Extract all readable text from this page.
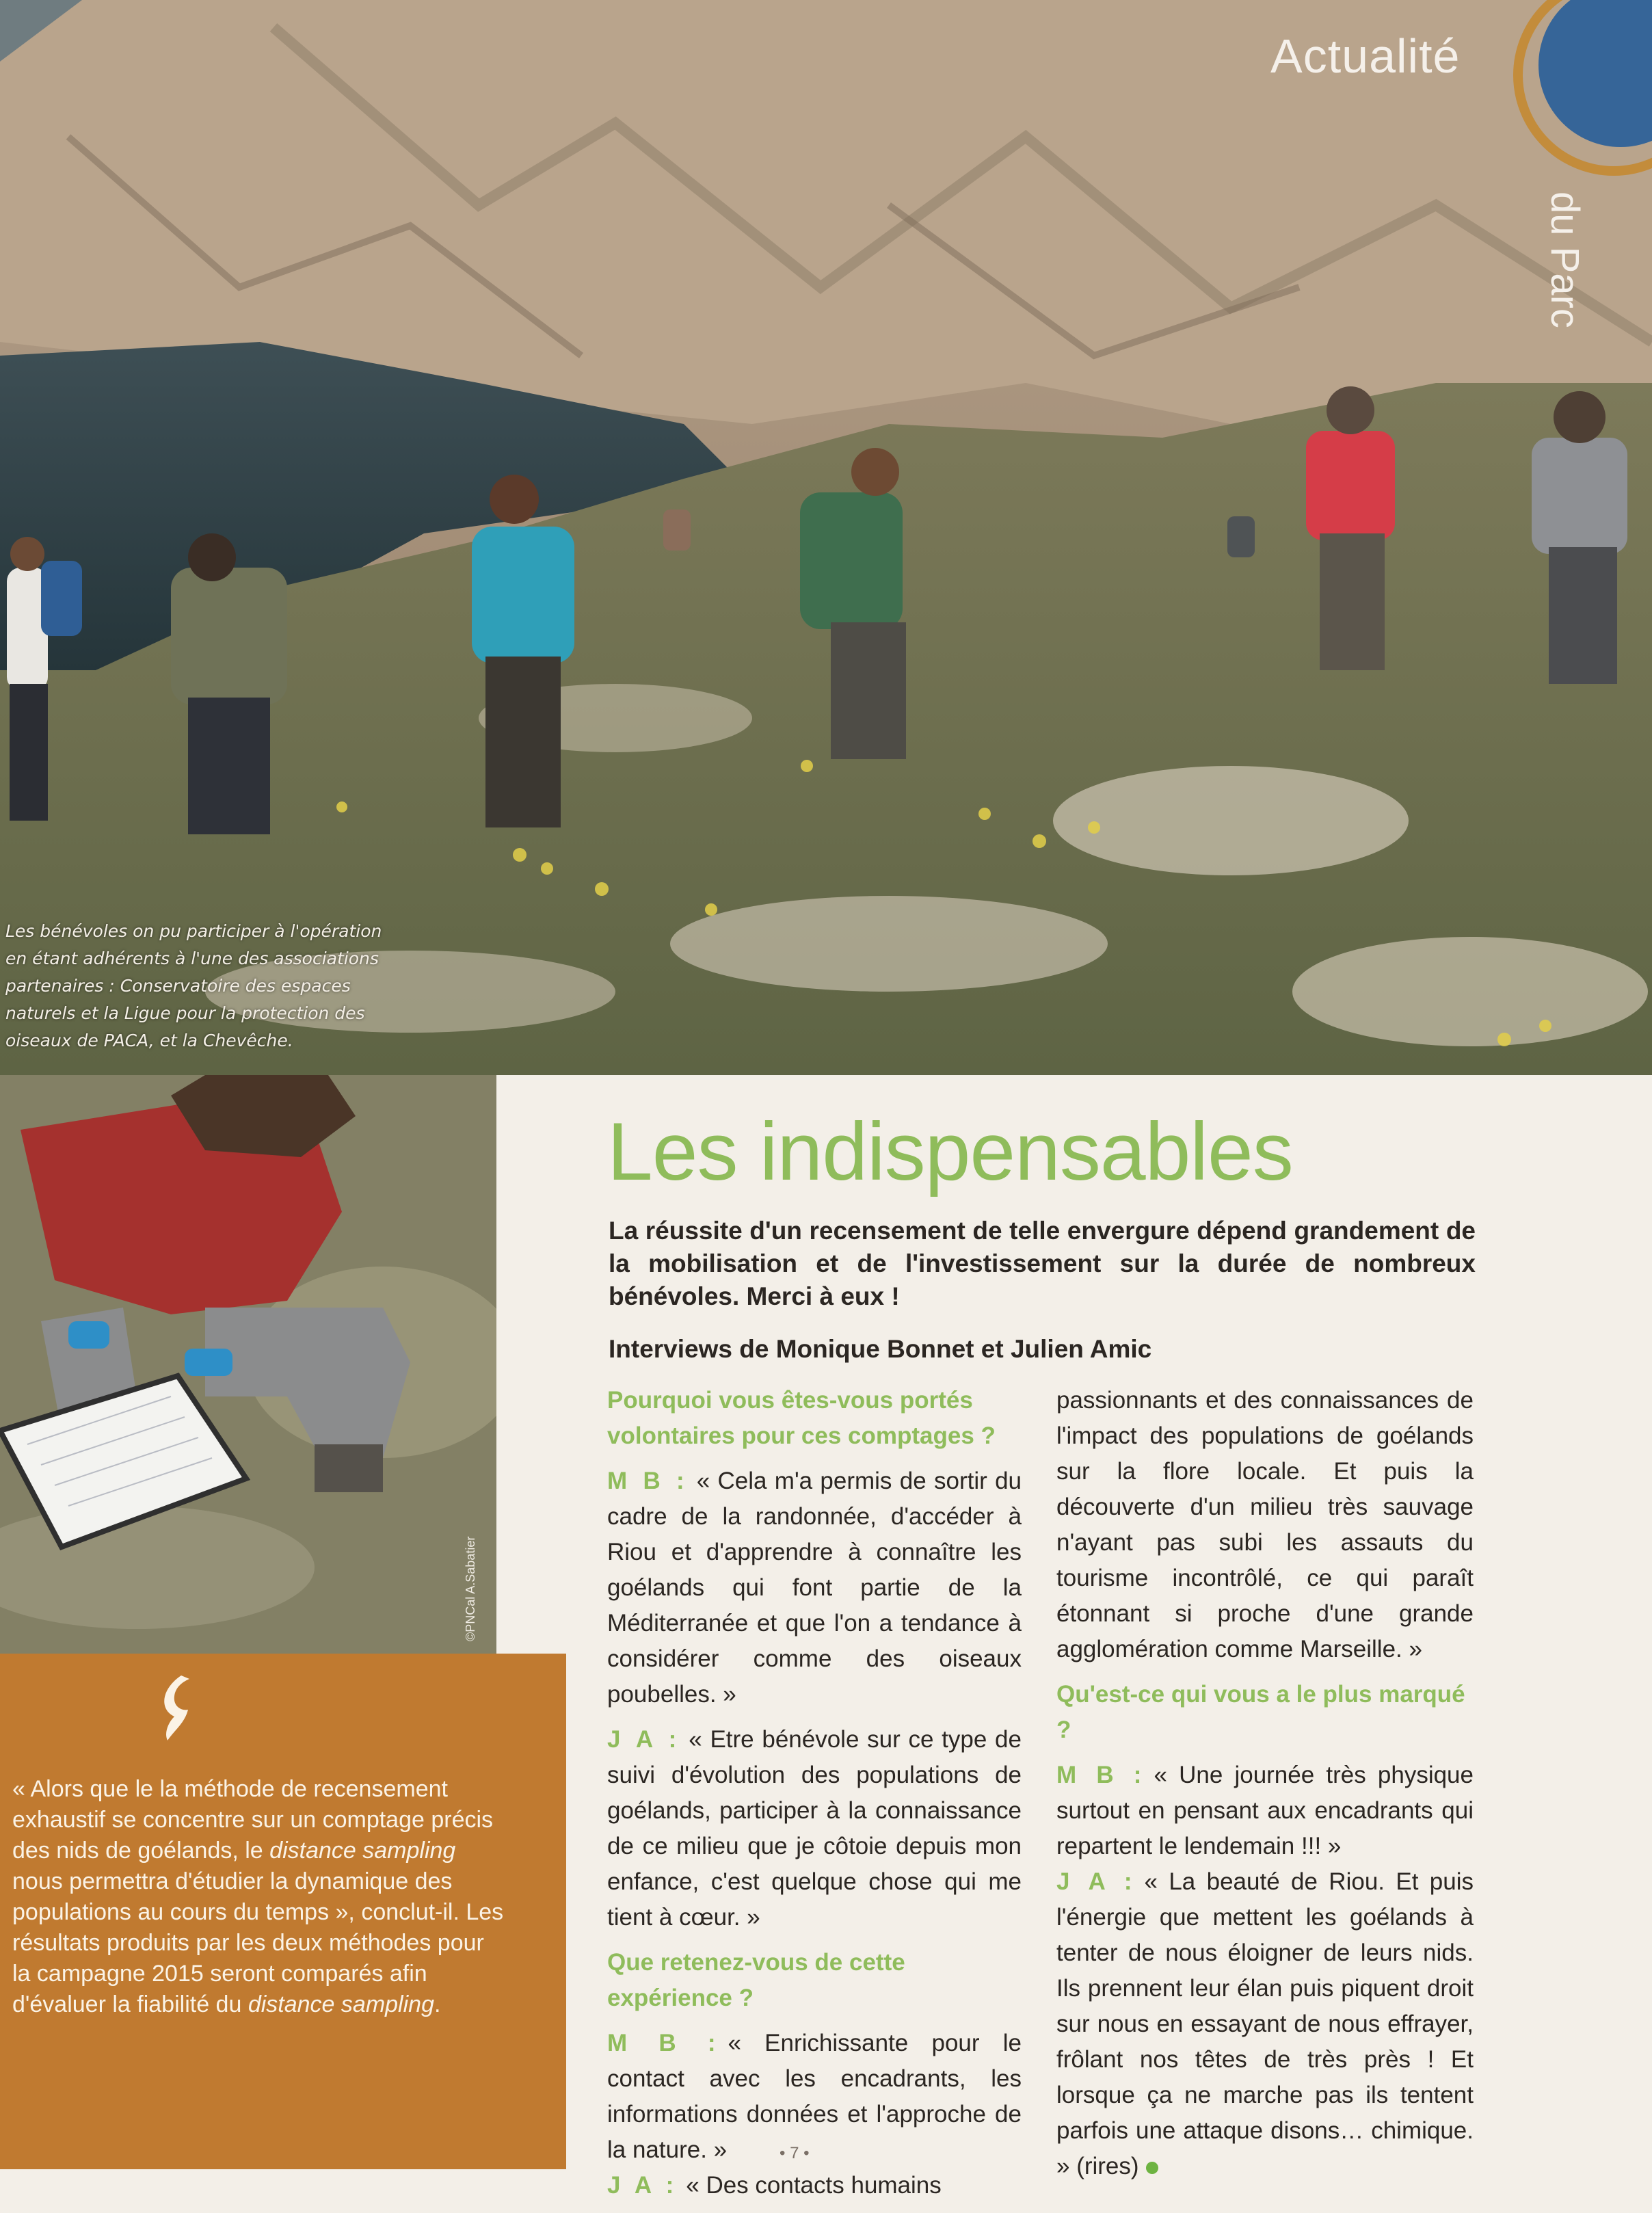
Actualité
du Parc
Les bénévoles on pu participer à l'opération en étant adhérents à l'une des associations partenaires : Conservatoire des espaces naturels et la Ligue pour la protection des oiseaux de PACA, et la Chevêche.
©PNCal A.Sabatier
« Alors que le la méthode de recensement exhaustif se concentre sur un comptage précis des nids de goélands, le distance sampling nous permettra d'étudier la dynamique des populations au cours du temps », conclut-il. Les résultats produits par les deux méthodes pour la campagne 2015 seront comparés afin d'évaluer la fiabilité du distance sampling.
Les indispensables
La réussite d'un recensement de telle envergure dépend grandement de la mobilisation et de l'investissement sur la durée de nombreux bénévoles. Merci à eux !
Interviews de Monique Bonnet et Julien Amic

Pourquoi vous êtes-vous portés volontaires pour ces comptages ?

M B : « Cela m'a permis de sortir du cadre de la randonnée, d'accéder à Riou et d'apprendre à connaître les goélands qui font partie de la Méditerranée et que l'on a tendance à considérer comme des oiseaux poubelles. »

J A : « Etre bénévole sur ce type de suivi d'évolution des populations de goélands, participer à la connaissance de ce milieu que je côtoie depuis mon enfance, c'est quelque chose qui me tient à cœur. »

Que retenez-vous de cette expérience ?

M B : « Enrichissante pour le contact avec les encadrants, les informations données et l'approche de la nature. »

J A : « Des contacts humains

passionnants et des connaissances de l'impact des populations de goélands sur la flore locale. Et puis la découverte d'un milieu très sauvage n'ayant pas subi les assauts du tourisme incontrôlé, ce qui paraît étonnant si proche d'une grande agglomération comme Marseille. »

Qu'est-ce qui vous a le plus marqué ?

M B : « Une journée très physique surtout en pensant aux encadrants qui repartent le lendemain !!! »

J A : « La beauté de Riou. Et puis l'énergie que mettent les goélands à tenter de nous éloigner de leurs nids. Ils prennent leur élan puis piquent droit sur nous en essayant de nous effrayer, frôlant nos têtes de très près ! Et lorsque ça ne marche pas ils tentent parfois une attaque disons… chimique. » (rires)

• 7 •
